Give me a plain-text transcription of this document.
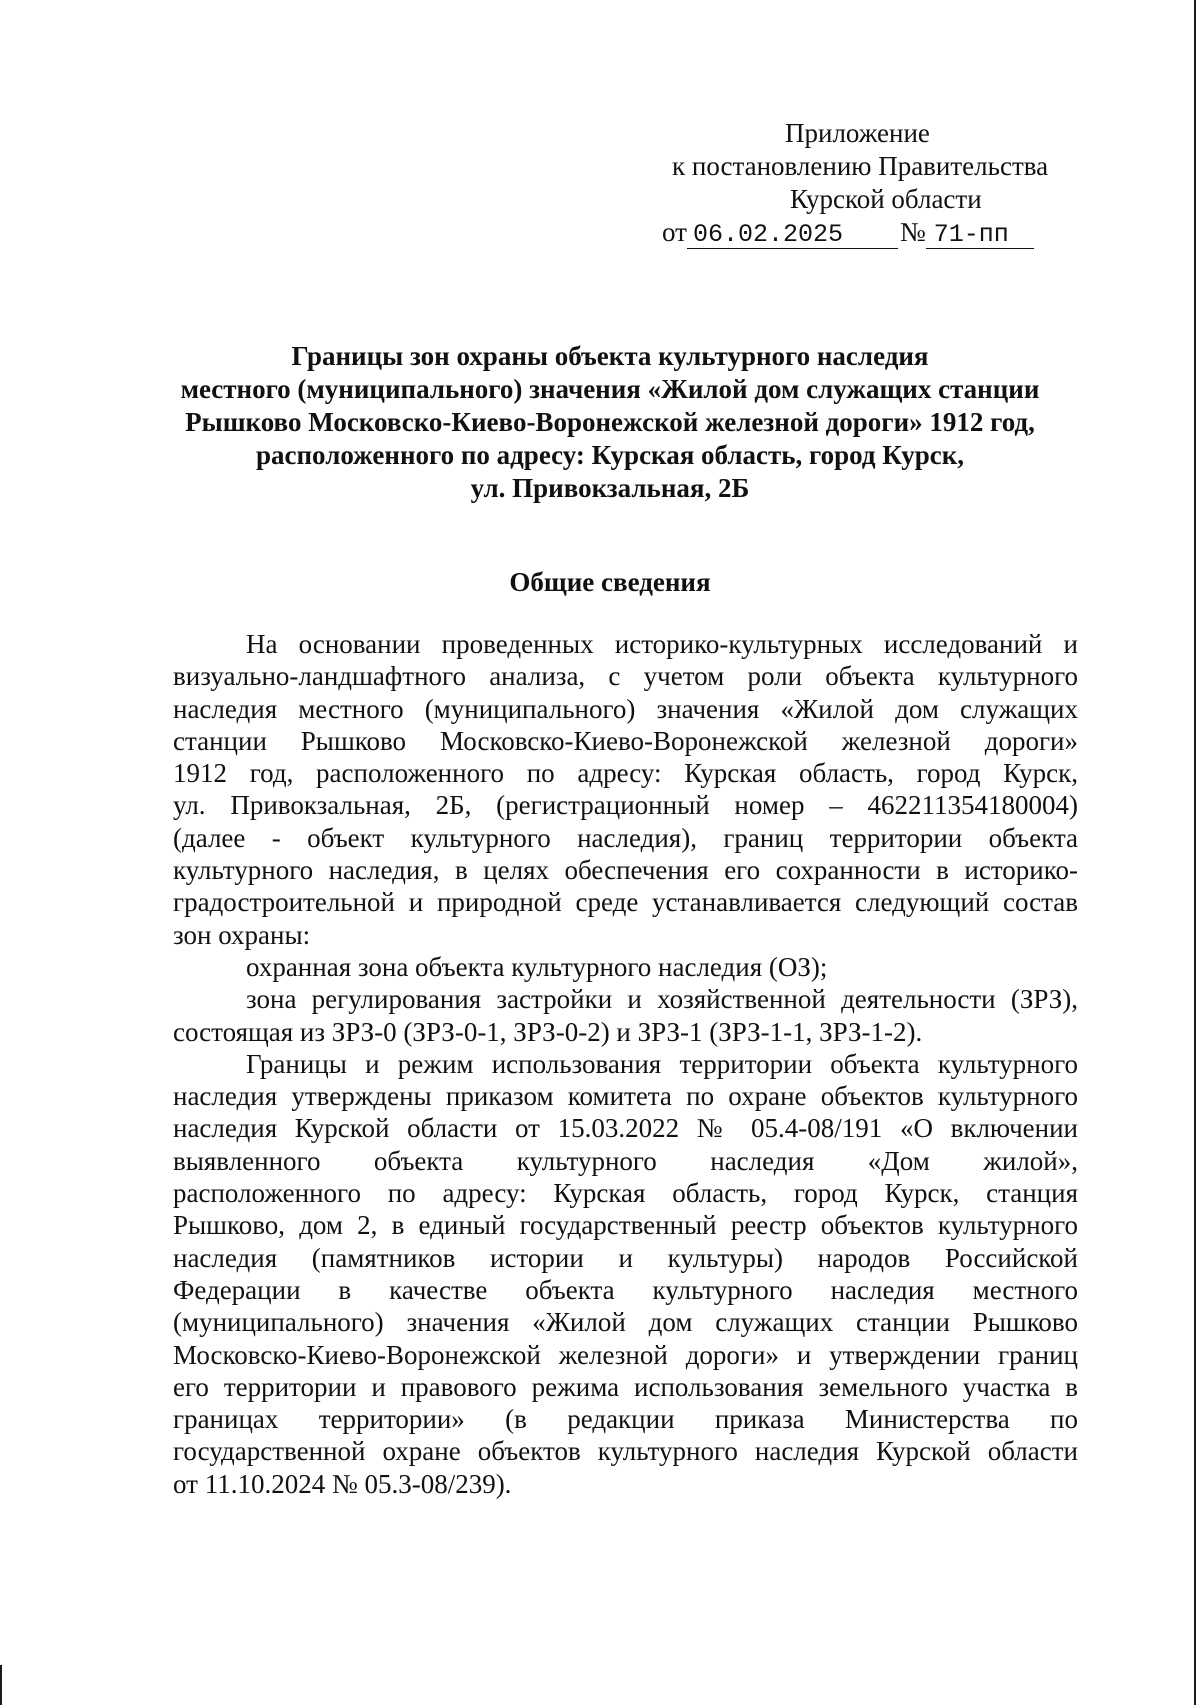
Приложение
к постановлению Правительства
Курской области
от 06.02.2025	№ 71-пп
Границы зон охраны объекта культурного наследия
местного (муниципального) значения «Жилой дом служащих станции
Рышково Московско-Киево-Воронежской железной дороги» 1912 год,
расположенного по адресу: Курская область, город Курск,
ул. Привокзальная, 2Б
Общие сведения
На основании проведенных историко-культурных исследований и
визуально-ландшафтного анализа, с учетом роли объекта культурного
наследия местного (муниципального) значения «Жилой дом служащих
станции Рышково Московско-Киево-Воронежской железной дороги»
1912 год, расположенного по адресу: Курская область, город Курск,
ул. Привокзальная, 2Б, (регистрационный номер – 462211354180004)
(далее - объект культурного наследия), границ территории объекта
культурного наследия, в целях обеспечения его сохранности в историко-
градостроительной и природной среде устанавливается следующий состав
зон охраны:
охранная зона объекта культурного наследия (ОЗ);
зона регулирования застройки и хозяйственной деятельности (ЗРЗ),
состоящая из ЗРЗ-0 (ЗРЗ-0-1, ЗРЗ-0-2) и ЗРЗ-1 (ЗРЗ-1-1, ЗРЗ-1-2).
Границы и режим использования территории объекта культурного
наследия утверждены приказом комитета по охране объектов культурного
наследия Курской области от 15.03.2022 № 05.4-08/191 «О включении
выявленного объекта культурного наследия «Дом жилой»,
расположенного по адресу: Курская область, город Курск, станция
Рышково, дом 2, в единый государственный реестр объектов культурного
наследия (памятников истории и культуры) народов Российской
Федерации в качестве объекта культурного наследия местного
(муниципального) значения «Жилой дом служащих станции Рышково
Московско-Киево-Воронежской железной дороги» и утверждении границ
его территории и правового режима использования земельного участка в
границах территории» (в редакции приказа Министерства по
государственной охране объектов культурного наследия Курской области
от 11.10.2024 № 05.3-08/239).
